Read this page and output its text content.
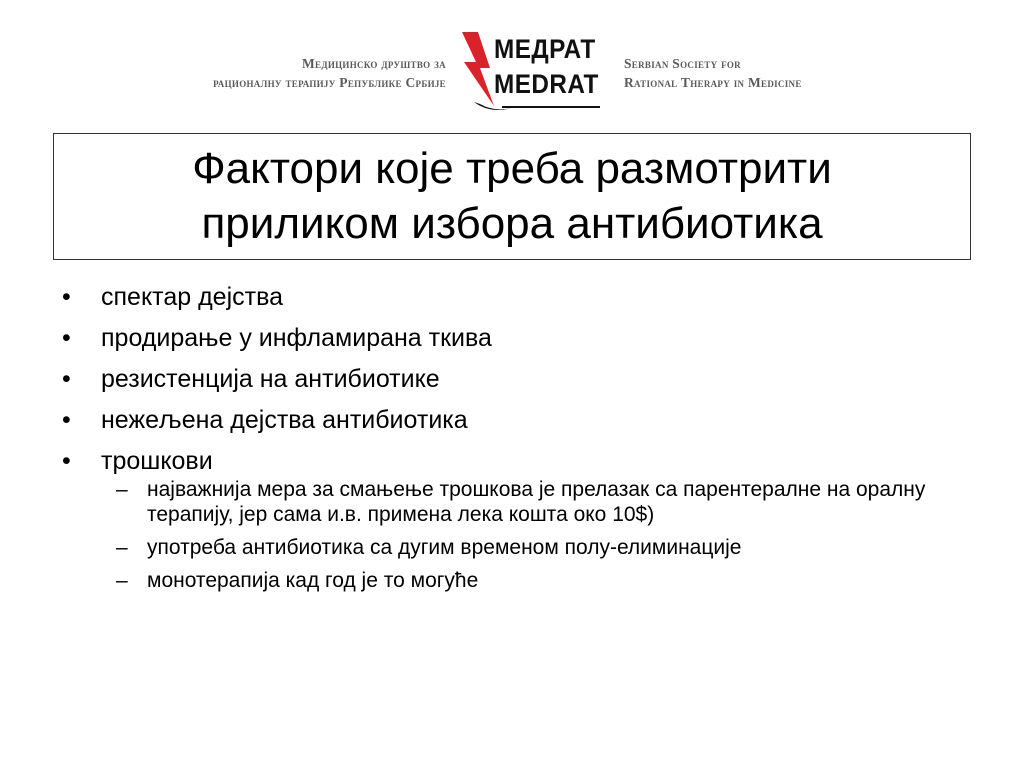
Медицинско друштво за
рационалну терапију Републике Србије
МЕДРАТ
MEDRAT
Serbian Society for
Rational Therapy in Medicine
Фактори које треба размотрити
приликом избора антибиотика
• спектар дејства
• продирање у инфламирана ткива
• резистенција на антибиотике
• нежељена дејства антибиотика
• трошкови
– најважнија мера за смањење трошкова је прелазак са парентералне на оралну терапију, јер сама и.в. примена лека кошта око 10$)
– употреба антибиотика са дугим временом полу-елиминације
– монотерапија кад год је то могуће
